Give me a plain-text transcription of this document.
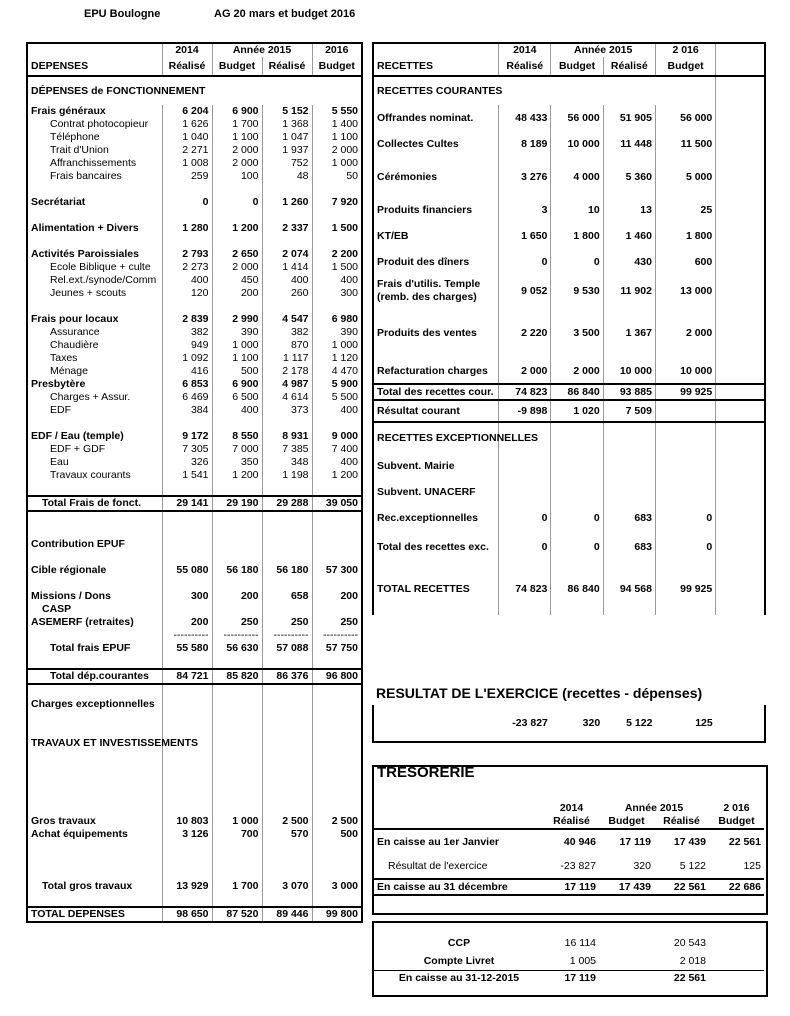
EPU Boulogne	AG 20 mars et budget 2016
	2014	Année 2015		2016
DEPENSES	Réalisé	Budget	Réalisé	Budget
DÉPENSES de FONCTIONNEMENT				
Frais généraux	6 204	6 900	5 152	5 550
Contrat photocopieur	1 626	1 700	1 368	1 400
Téléphone	1 040	1 100	1 047	1 100
Trait d'Union	2 271	2 000	1 937	2 000
Affranchissements	1 008	2 000	752	1 000
Frais bancaires	259	100	48	50

Secrétariat	0	0	1 260	7 920

Alimentation + Divers	1 280	1 200	2 337	1 500

Activités Paroissiales	2 793	2 650	2 074	2 200
Ecole Biblique + culte	2 273	2 000	1 414	1 500
Rel.ext./synode/Comm	400	450	400	400
Jeunes + scouts	120	200	260	300

Frais pour locaux	2 839	2 990	4 547	6 980
Assurance	382	390	382	390
Chaudière	949	1 000	870	1 000
Taxes	1 092	1 100	1 117	1 120
Ménage	416	500	2 178	4 470
Presbytère	6 853	6 900	4 987	5 900
Charges + Assur.	6 469	6 500	4 614	5 500
EDF	384	400	373	400

EDF / Eau (temple)	9 172	8 550	8 931	9 000
EDF + GDF	7 305	7 000	7 385	7 400
Eau	326	350	348	400
Travaux courants	1 541	1 200	1 198	1 200

Total Frais de fonct.	29 141	29 190	29 288	39 050

Contribution EPUF				

Cible régionale	55 080	56 180	56 180	57 300

Missions / Dons	300	200	658	200
CASP				
ASEMERF (retraites)	200	250	250	250
	----------	----------	----------	----------
Total frais EPUF	55 580	56 630	57 088	57 750

Total dép.courantes	84 721	85 820	86 376	96 800

Charges exceptionnelles				

TRAVAUX ET INVESTISSEMENTS				

Gros travaux	10 803	1 000	2 500	2 500
Achat équipements	3 126	700	570	500

Total gros travaux	13 929	1 700	3 070	3 000

TOTAL DEPENSES	98 650	87 520	89 446	99 800
	2014	Année 2015		2 016	
RECETTES	Réalisé	Budget	Réalisé	Budget	
RECETTES COURANTES					
Offrandes nominat.	48 433	56 000	51 905	56 000	
Collectes Cultes	8 189	10 000	11 448	11 500	
Cérémonies	3 276	4 000	5 360	5 000	
Produits financiers	3	10	13	25	
KT/EB	1 650	1 800	1 460	1 800	
Produit des dîners	0	0	430	600	
Frais d'utilis. Temple
(remb. des charges)	9 052	9 530	11 902	13 000	
Produits des ventes	2 220	3 500	1 367	2 000	
Refacturation charges	2 000	2 000	10 000	10 000	
Total des recettes cour.	74 823	86 840	93 885	99 925	
Résultat courant	-9 898	1 020	7 509		
RECETTES EXCEPTIONNELLES					
Subvent. Mairie					
Subvent. UNACERF					
Rec.exceptionnelles	0	0	683	0	
Total des recettes exc.	0	0	683	0	
TOTAL RECETTES	74 823	86 840	94 568	99 925	
RESULTAT DE L'EXERCICE (recettes - dépenses)
	-23 827	320	5 122	125	
TRESORERIE
	2014	Année 2015		2 016
	Réalisé	Budget	Réalisé	Budget
En caisse au 1er Janvier	40 946	17 119	17 439	22 561
Résultat de l'exercice	-23 827	320	5 122	125
En caisse au 31 décembre	17 119	17 439	22 561	22 686
CCP	16 114		20 543	
Compte Livret	1 005		2 018	
En caisse au 31-12-2015	17 119		22 561	
